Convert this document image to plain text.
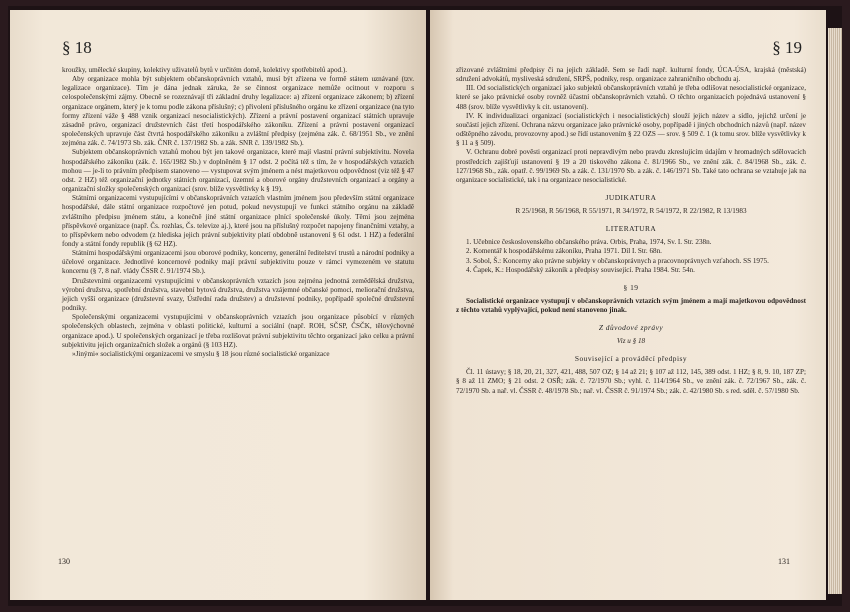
§ 18

kroužky, umělecké skupiny, kolektivy uživatelů bytů v určitém domě, kolektivy spotřebitelů apod.).

Aby organizace mohla být subjektem občanskoprávních vztahů, musí být zřízena ve formě státem uznávané (tzv. legalizace organizace). Tím je dána jednak záruka, že se činnost organizace nemůže ocitnout v rozporu s celospolečenskými zájmy. Obecně se rozeznávají tři základní druhy legalizace: a) zřízení organizace zákonem; b) zřízení organizace orgánem, který je k tomu podle zákona příslušný; c) přivolení příslušného orgánu ke zřízení organizace (na tyto formy zřízení váže § 488 vznik organizací nesocialistických). Zřízení a právní postavení organizací státních upravuje zásadně právo, organizací družstevních část třetí hospodářského zákoníku. Zřízení a právní postavení organizací společenských upravuje část čtvrtá hospodářského zákoníku a zvláštní předpisy (zejména zák. č. 68/1951 Sb., ve znění zejména zák. č. 74/1973 Sb. zák. ČNR č. 137/1982 Sb. a zák. SNR č. 139/1982 Sb.).

Subjektem občanskoprávních vztahů mohou být jen takové organizace, které mají vlastní právní subjektivitu. Novela hospodářského zákoníku (zák. č. 165/1982 Sb.) v doplněném § 17 odst. 2 počítá též s tím, že v hospodářských vztazích mohou — je-li to právním předpisem stanoveno — vystupovat svým jménem a nést majetkovou odpovědnost (viz též § 47 odst. 2 HZ) též organizační jednotky státních organizací, územní a oborové orgány družstevních organizací a orgány a organizační složky společenských organizací (srov. blíže vysvětlivky k § 19).

Státními organizacemi vystupujícími v občanskoprávních vztazích vlastním jménem jsou především státní organizace hospodářské, dále státní organizace rozpočtové jen potud, pokud nevystupují ve funkci státního orgánu na základě zvláštního předpisu jménem státu, a konečně jiné státní organizace plnící společenské úkoly. Těmi jsou zejména příspěvkové organizace (např. Čs. rozhlas, Čs. televize aj.), které jsou na příslušný rozpočet napojeny finančními vztahy, a to příspěvkem nebo odvodem (z hlediska jejich právní subjektivity platí obdobně ustanovení § 61 odst. 1 HZ) a federální fondy a státní fondy republik (§ 62 HZ).

Státními hospodářskými organizacemi jsou oborové podniky, koncerny, generální ředitelství trustů a národní podniky a účelové organizace. Jednotlivé koncernové podniky mají právní subjektivitu pouze v rámci vymezeném ve statutu koncernu (§ 7, 8 nař. vlády ČSSR č. 91/1974 Sb.).

Družstevními organizacemi vystupujícími v občanskoprávních vztazích jsou zejména jednotná zemědělská družstva, výrobní družstva, spotřební družstva, stavební bytová družstva, družstva vzájemné občanské pomoci, meliorační družstva, jejich vyšší organizace (družstevní svazy, Ústřední rada družstev) a družstevní podniky, popřípadě společné družstevní podniky.

Společenskými organizacemi vystupujícími v občanskoprávních vztazích jsou organizace působící v různých společenských oblastech, zejména v oblasti politické, kulturní a sociální (např. ROH, SČSP, ČSČK, tělovýchovné organizace apod.). U společenských organizací je třeba rozlišovat právní subjektivitu těchto organizací jako celku a právní subjektivitu jejich organizačních složek a orgánů (§ 103 HZ).

»Jinými« socialistickými organizacemi ve smyslu § 18 jsou různé socialistické organizace

130
§ 19

zřizované zvláštními předpisy či na jejich základě. Sem se řadí např. kulturní fondy, ÚCA-ÚSA, krajská (městská) sdružení advokátů, mysliveská sdružení, SRPŠ, podniky, resp. organizace zahraničního obchodu aj.

III. Od socialistických organizací jako subjektů občanskoprávních vztahů je třeba odlišovat nesocialistické organizace, které se jako právnické osoby rovněž účastní občanskoprávních vztahů. O těchto organizacích pojednává ustanovení § 488 (srov. blíže vysvětlivky k cit. ustanovení).

IV. K individualizaci organizací (socialistických i nesocialistických) slouží jejich název a sídlo, jejichž určení je součástí jejich zřízení. Ochrana názvu organizace jako právnické osoby, popřípadě i jiných obchodních názvů (např. název odštěpného závodu, provozovny apod.) se řídí ustanovením § 22 OZS — srov. § 509 č. 1 (k tomu srov. blíže vysvětlivky k § 11 a § 509).

V. Ochranu dobré pověsti organizací proti nepravdivým nebo pravdu zkreslujícím údajům v hromadných sdělovacích prostředcích zajišťují ustanovení § 19 a 20 tiskového zákona č. 81/1966 Sb., ve znění zák. č. 84/1968 Sb., zák. č. 127/1968 Sb., zák. opatř. č. 99/1969 Sb. a zák. č. 131/1970 Sb. a zák. č. 146/1971 Sb. Také tato ochrana se vztahuje jak na organizace socialistické, tak i na organizace nesocialistické.

JUDIKATURA

R 25/1968, R 56/1968, R 55/1971, R 34/1972, R 54/1972, R 22/1982, R 13/1983

LITERATURA

1. Učebnice československého občanského práva. Orbis, Praha, 1974, Sv. I. Str. 238n.

2. Komentář k hospodářskému zákoníku, Praha 1971. Díl I. Str. 68n.

3. Sobol, Š.: Koncerny ako právne subjekty v občanskoprávnych a pracovnoprávnych vzťahoch. SS 1975.

4. Čapek, K.: Hospodářský zákoník a předpisy související. Praha 1984. Str. 54n.

§ 19

Socialistické organizace vystupují v občanskoprávních vztazích svým jménem a mají majetkovou odpovědnost z těchto vztahů vyplývající, pokud není stanoveno jinak.

Z důvodové zprávy

Viz u § 18

Související a prováděcí předpisy

Čl. 11 ústavy; § 18, 20, 21, 327, 421, 488, 507 OZ; § 14 až 21; § 107 až 112, 145, 389 odst. 1 HZ; § 8, 9. 10, 187 ZP; § 8 až 11 ZMO; § 21 odst. 2 OSŘ; zák. č. 72/1970 Sb.; vyhl. č. 114/1964 Sb., ve znění zák. č. 72/1967 Sb., zák. č. 72/1970 Sb. a nař. vl. ČSSR č. 48/1978 Sb.; nař. vl. ČSSR č. 91/1974 Sb.; zák. č. 42/1980 Sb. s red. sděl. č. 57/1980 Sb.

131
